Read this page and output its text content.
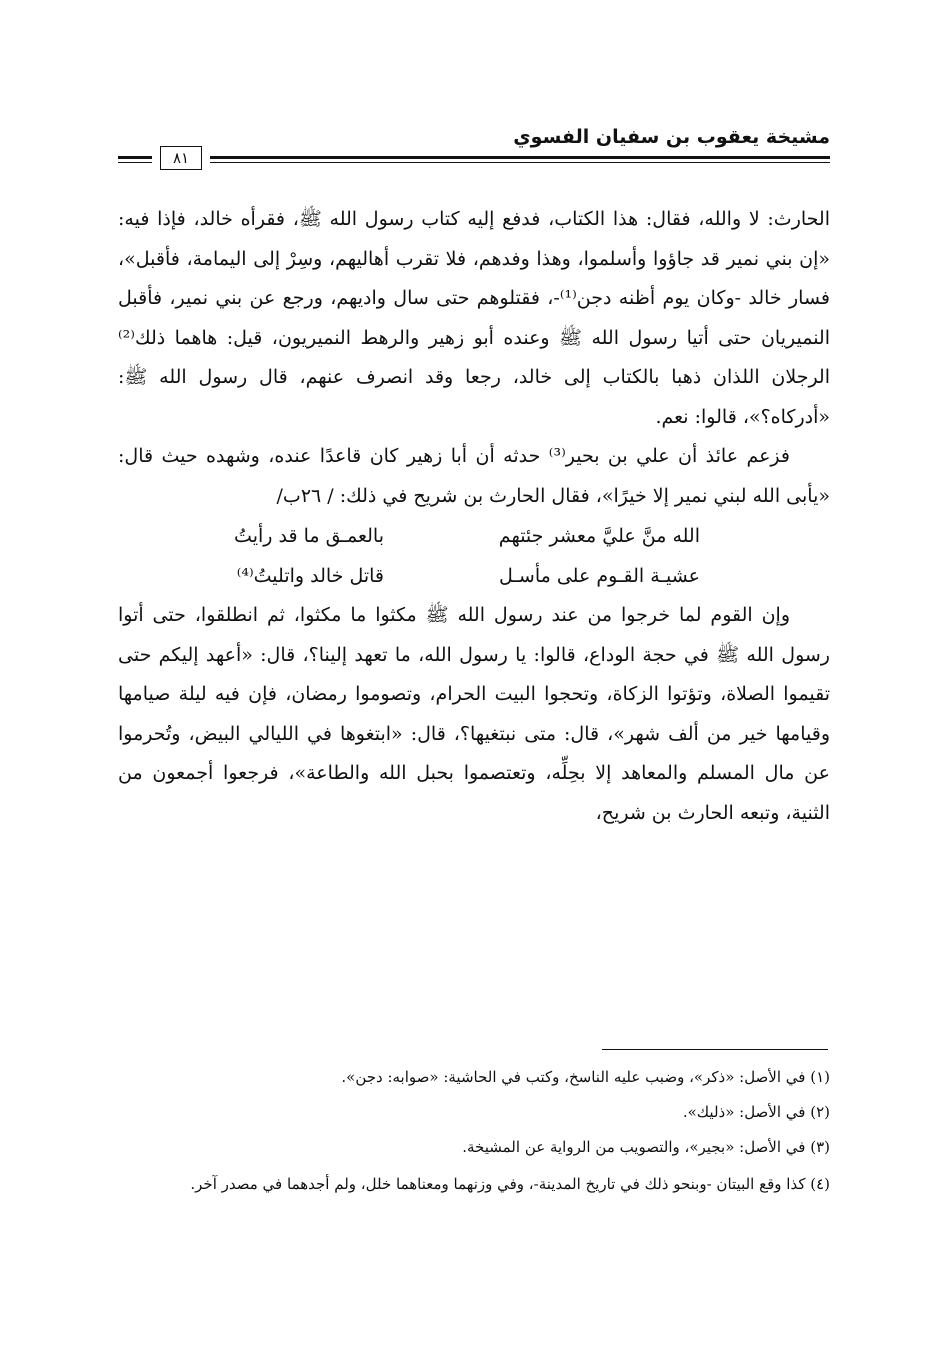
مشيخة يعقوب بن سفيان الفسوي
٨١

الحارث: لا والله، فقال: هذا الكتاب، فدفع إليه كتاب رسول الله ﷺ، فقرأه خالد، فإذا فيه: «إن بني نمير قد جاؤوا وأسلموا، وهذا وفدهم، فلا تقرب أهاليهم، وسِرْ إلى اليمامة، فأقبل»، فسار خالد -وكان يوم أظنه دجن⁽¹⁾-، فقتلوهم حتى سال واديهم، ورجع عن بني نمير، فأقبل النميريان حتى أتيا رسول الله ﷺ وعنده أبو زهير والرهط النميريون، قيل: هاهما ذلك⁽²⁾ الرجلان اللذان ذهبا بالكتاب إلى خالد، رجعا وقد انصرف عنهم، قال رسول الله ﷺ: «أدركاه؟»، قالوا: نعم.

فزعم عائذ أن علي بن بحير⁽³⁾ حدثه أن أبا زهير كان قاعدًا عنده، وشهده حيث قال: «يأبى الله لبني نمير إلا خيرًا»، فقال الحارث بن شريح في ذلك: / ٢٦ب/

الله منَّ عليَّ معشر جئتهم
بالعمـق ما قد رأيتُ
عشيـة القـوم على مأسـل
قاتل خالد واتليتُ⁽⁴⁾

وإن القوم لما خرجوا من عند رسول الله ﷺ مكثوا ما مكثوا، ثم انطلقوا، حتى أتوا رسول الله ﷺ في حجة الوداع، قالوا: يا رسول الله، ما تعهد إلينا؟، قال: «أعهد إليكم حتى تقيموا الصلاة، وتؤتوا الزكاة، وتحجوا البيت الحرام، وتصوموا رمضان، فإن فيه ليلة صيامها وقيامها خير من ألف شهر»، قال: متى نبتغيها؟، قال: «ابتغوها في الليالي البيض، وتُحرموا عن مال المسلم والمعاهد إلا بحِلِّه، وتعتصموا بحبل الله والطاعة»، فرجعوا أجمعون من الثنية، وتبعه الحارث بن شريح،

(١) في الأصل: «ذكر»، وضبب عليه الناسخ، وكتب في الحاشية: «صوابه: دجن».

(٢) في الأصل: «ذليك».

(٣) في الأصل: «بجير»، والتصويب من الرواية عن المشيخة.

(٤) كذا وقع البيتان -وبنحو ذلك في تاريخ المدينة-، وفي وزنهما ومعناهما خلل، ولم أجدهما في مصدر آخر.
